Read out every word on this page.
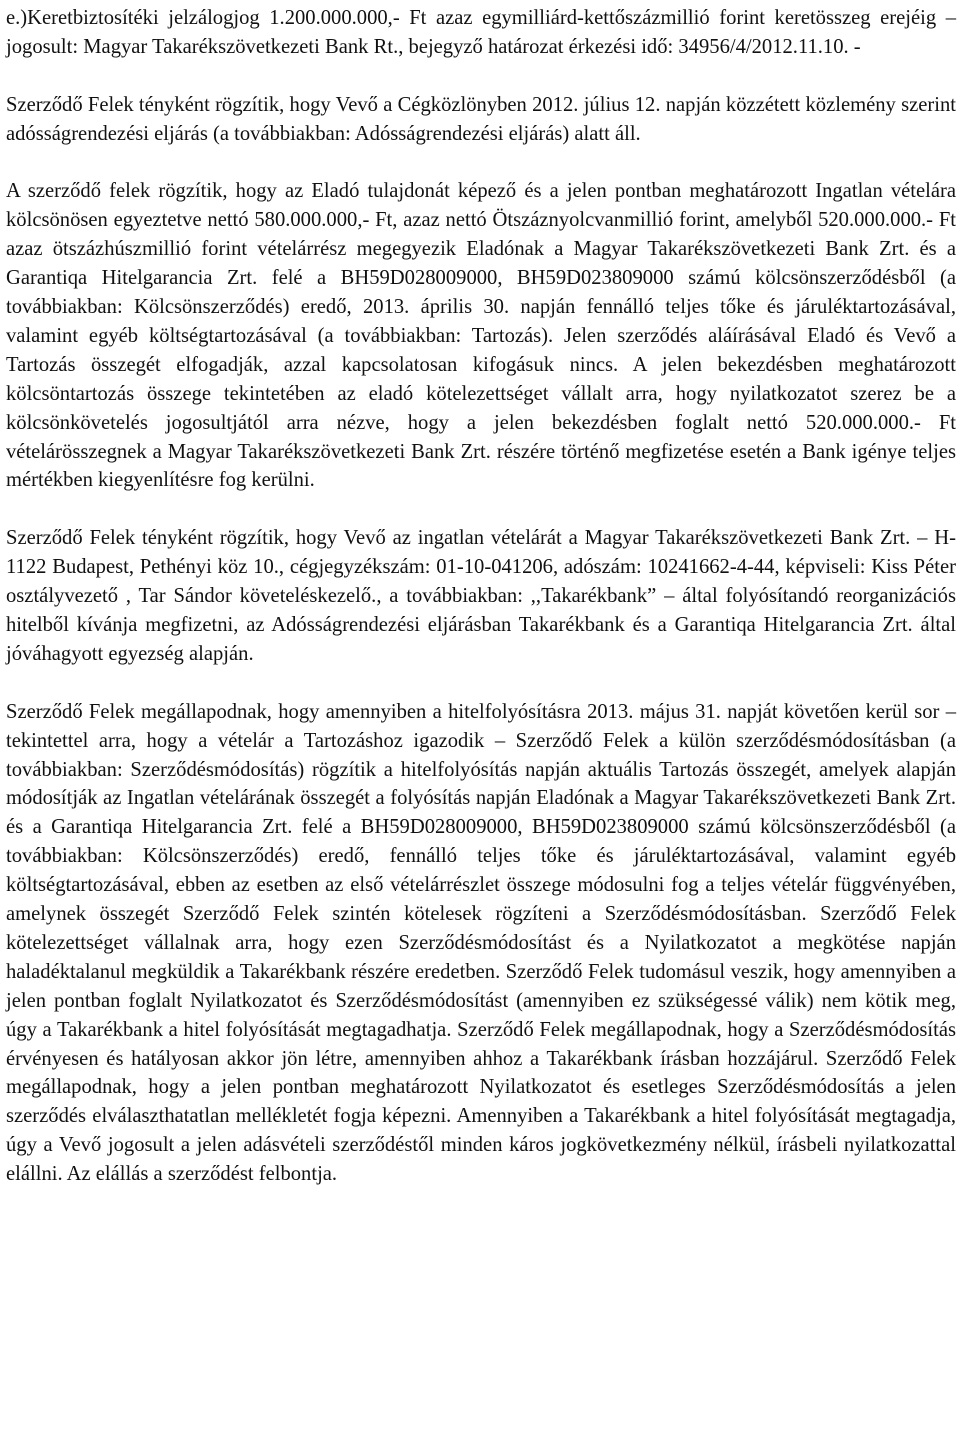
e.)Keretbiztosítéki jelzálogjog 1.200.000.000,- Ft azaz egymilliárd-kettőszázmillió forint keretösszeg erejéig – jogosult: Magyar Takarékszövetkezeti Bank Rt., bejegyző határozat érkezési idő: 34956/4/2012.11.10. -

Szerződő Felek tényként rögzítik, hogy Vevő a Cégközlönyben 2012. július 12. napján közzétett közlemény szerint adósságrendezési eljárás (a továbbiakban: Adósságrendezési eljárás) alatt áll.

A szerződő felek rögzítik, hogy az Eladó tulajdonát képező és a jelen pontban meghatározott Ingatlan vételára kölcsönösen egyeztetve nettó 580.000.000,- Ft, azaz nettó Ötszáznyolcvanmillió forint, amelyből 520.000.000.- Ft azaz ötszázhúszmillió forint vételárrész megegyezik Eladónak a Magyar Takarékszövetkezeti Bank Zrt. és a Garantiqa Hitelgarancia Zrt. felé a BH59D028009000, BH59D023809000 számú kölcsönszerződésből (a továbbiakban: Kölcsönszerződés) eredő, 2013. április 30. napján fennálló teljes tőke és járuléktartozásával, valamint egyéb költségtartozásával (a továbbiakban: Tartozás). Jelen szerződés aláírásával Eladó és Vevő a Tartozás összegét elfogadják, azzal kapcsolatosan kifogásuk nincs. A jelen bekezdésben meghatározott kölcsöntartozás összege tekintetében az eladó kötelezettséget vállalt arra, hogy nyilatkozatot szerez be a kölcsönkövetelés jogosultjától arra nézve, hogy a jelen bekezdésben foglalt nettó 520.000.000.- Ft vételárösszegnek a Magyar Takarékszövetkezeti Bank Zrt. részére történő megfizetése esetén a Bank igénye teljes mértékben kiegyenlítésre fog kerülni.

Szerződő Felek tényként rögzítik, hogy Vevő az ingatlan vételárát a Magyar Takarékszövetkezeti Bank Zrt. – H- 1122 Budapest, Pethényi köz 10., cégjegyzékszám: 01-10-041206, adószám: 10241662-4-44, képviseli: Kiss Péter osztályvezető , Tar Sándor követeléskezelő., a továbbiakban: ,,Takarékbank” – által folyósítandó reorganizációs hitelből kívánja megfizetni, az Adósságrendezési eljárásban Takarékbank és a Garantiqa Hitelgarancia Zrt. által jóváhagyott egyezség alapján.

Szerződő Felek megállapodnak, hogy amennyiben a hitelfolyósításra 2013. május 31. napját követően kerül sor – tekintettel arra, hogy a vételár a Tartozáshoz igazodik – Szerződő Felek a külön szerződésmódosításban (a továbbiakban: Szerződésmódosítás) rögzítik a hitelfolyósítás napján aktuális Tartozás összegét, amelyek alapján módosítják az Ingatlan vételárának összegét a folyósítás napján Eladónak a Magyar Takarékszövetkezeti Bank Zrt. és a Garantiqa Hitelgarancia Zrt. felé a BH59D028009000, BH59D023809000 számú kölcsönszerződésből (a továbbiakban: Kölcsönszerződés) eredő, fennálló teljes tőke és járuléktartozásával, valamint egyéb költségtartozásával, ebben az esetben az első vételárrészlet összege módosulni fog a teljes vételár függvényében, amelynek összegét Szerződő Felek szintén kötelesek rögzíteni a Szerződésmódosításban. Szerződő Felek kötelezettséget vállalnak arra, hogy ezen Szerződésmódosítást és a Nyilatkozatot a megkötése napján haladéktalanul megküldik a Takarékbank részére eredetben. Szerződő Felek tudomásul veszik, hogy amennyiben a jelen pontban foglalt Nyilatkozatot és Szerződésmódosítást (amennyiben ez szükségessé válik) nem kötik meg, úgy a Takarékbank a hitel folyósítását megtagadhatja. Szerződő Felek megállapodnak, hogy a Szerződésmódosítás érvényesen és hatályosan akkor jön létre, amennyiben ahhoz a Takarékbank írásban hozzájárul. Szerződő Felek megállapodnak, hogy a jelen pontban meghatározott Nyilatkozatot és esetleges Szerződésmódosítás a jelen szerződés elválaszthatatlan mellékletét fogja képezni. Amennyiben a Takarékbank a hitel folyósítását megtagadja, úgy a Vevő jogosult a jelen adásvételi szerződéstől minden káros jogkövetkezmény nélkül, írásbeli nyilatkozattal elállni. Az elállás a szerződést felbontja.
